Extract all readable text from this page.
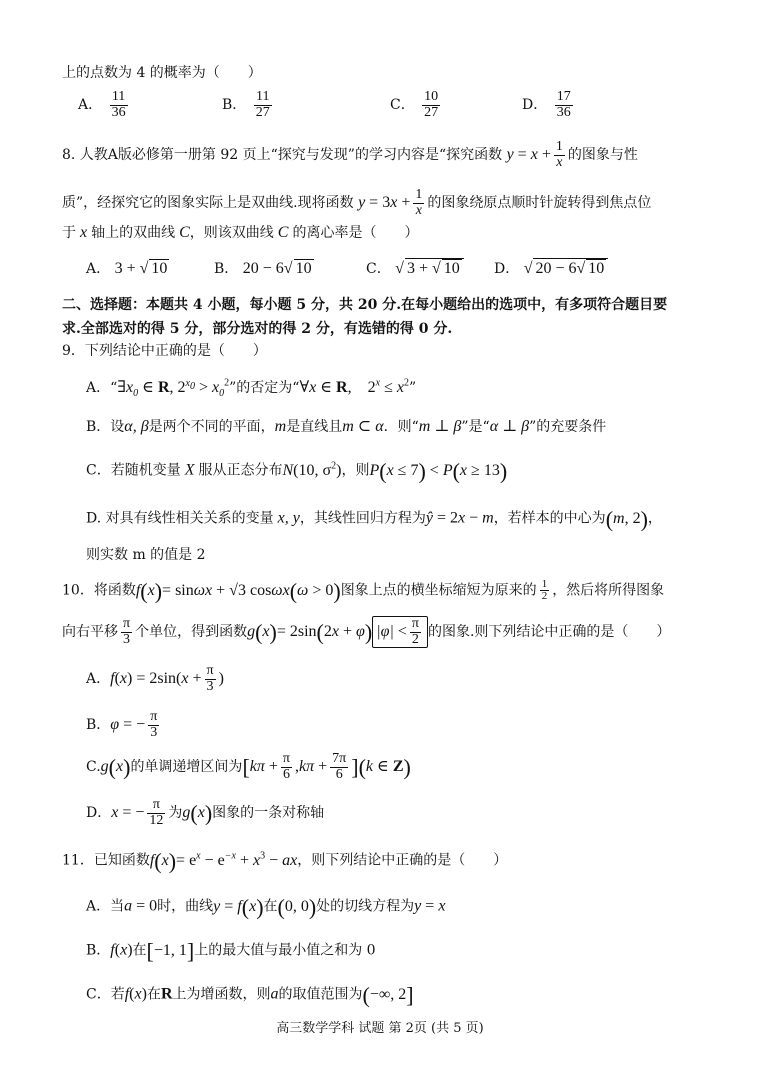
上的点数为 4 的概率为（　　）
A． $\frac{11}{36}$	B． $\frac{11}{27}$	C． $\frac{10}{27}$	D． $\frac{17}{36}$
8. 人教A版必修第一册第 92 页上“探究与发现”的学习内容是“探究函数 $y = x + \frac{1}{x}$ 的图象与性
质”，经探究它的图象实际上是双曲线.现将函数 $y = 3x + \frac{1}{x}$ 的图象绕原点顺时针旋转得到焦点位
于 x 轴上的双曲线 C，则该双曲线 C 的离心率是（　　）
A． 3 + √ 10	B． 20 − 6√ 10	C． √ 3 + √ 10 D． √ 20 − 6√ 10
二、选择题：本题共 4 小题，每小题 5 分，共 20 分.在每小题给出的选项中，有多项符合题目要
求.全部选对的得 5 分，部分选对的得 2 分，有选错的得 0 分.
9．下列结论中正确的是（　　）
A．“$\exists x_0$ ∈ R, $2^{x_0} > x_0^2$”的否定为“∀x ∈ R,　$2^x \le x^2$”
B．设α, β是两个不同的平面，m是直线且m ⊂ α．则“m ⊥ β”是“α ⊥ β”的充要条件
C．若随机变量 X 服从正态分布N(10, $\sigma^2$)，则P(x ≤ 7) < P(x ≥ 13)
D. 对具有线性相关关系的变量 x, y，其线性回归方程为ŷ = 2x − m，若样本的中心为(m, 2)，
则实数 m 的值是 2
10．将函数f(x)= sinωx + √3 cosωx(ω > 0)图象上点的横坐标缩短为原来的 $\frac{1}{2}$ ，然后将所得图象
向右平移 $\frac{\pi}{3}$ 个单位，得到函数g(x)= 2sin(2x + φ) $|\varphi| < \frac{\pi}{2}$ 的图象.则下列结论中正确的是（　　）
A．$f(x) = 2\sin(x + \frac{\pi}{3}$ )
B．φ = − $\frac{\pi}{3}$
C.g(x)的单调递增区间为$[k\pi + \frac{\pi}{6} ,k\pi + \frac{7\pi}{6} ](k$ ∈ Z)
D．x = − $\frac{\pi}{12}$ 为g(x)图象的一条对称轴
11．已知函数$f(x)= e^x - e^{-x} + x^3$ − ax，则下列结论中正确的是（　　）
A．当a = 0时，曲线y = f(x)在(0, 0)处的切线方程为y = x
B．f(x)在[−1, 1]上的最大值与最小值之和为 0
C．若f(x)在R上为增函数，则a的取值范围为(−∞, 2]
高三数学学科 试题 第 2页 (共 5 页)
